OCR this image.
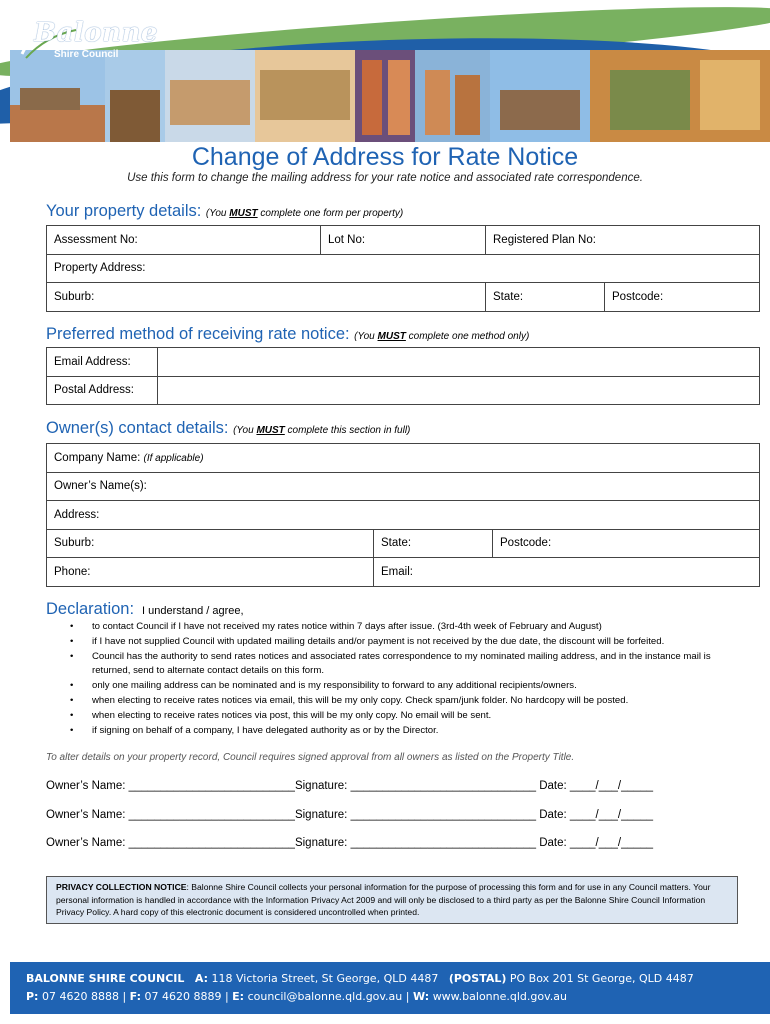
Balonne
Shire Council
Change of Address for Rate Notice
Use this form to change the mailing address for your rate notice and associated rate correspondence.
Your property details: (You MUST complete one form per property)
Assessment No:	Lot No:	Registered Plan No:	
Property Address:			
Suburb:		State:	Postcode:
Preferred method of receiving rate notice: (You MUST complete one method only)
Email Address:	
Postal Address:	
Owner(s) contact details: (You MUST complete this section in full)
Company Name: (If applicable)		
Owner’s Name(s):		
Address:		
Suburb:	State:	Postcode:
Phone:	Email:	
Declaration: I understand / agree,
• to contact Council if I have not received my rates notice within 7 days after issue. (3rd-4th week of February and August)
• if I have not supplied Council with updated mailing details and/or payment is not received by the due date, the discount will be forfeited.
• Council has the authority to send rates notices and associated rates correspondence to my nominated mailing address, and in the instance mail is returned, send to alternate contact details on this form.
• only one mailing address can be nominated and is my responsibility to forward to any additional recipients/owners.
• when electing to receive rates notices via email, this will be my only copy. Check spam/junk folder. No hardcopy will be posted.
• when electing to receive rates notices via post, this will be my only copy. No email will be sent.
• if signing on behalf of a company, I have delegated authority as or by the Director.
To alter details on your property record, Council requires signed approval from all owners as listed on the Property Title.
Owner’s Name: __________________________Signature: _____________________________ Date: ____/___/_____
Owner’s Name: __________________________Signature: _____________________________ Date: ____/___/_____
Owner’s Name: __________________________Signature: _____________________________ Date: ____/___/_____
PRIVACY COLLECTION NOTICE: Balonne Shire Council collects your personal information for the purpose of processing this form and for use in any Council matters. Your personal information is handled in accordance with the Information Privacy Act 2009 and will only be disclosed to a third party as per the Balonne Shire Council Information Privacy Policy. A hard copy of this electronic document is considered uncontrolled when printed.
BALONNE SHIRE COUNCIL A: 118 Victoria Street, St George, QLD 4487 (POSTAL) PO Box 201 St George, QLD 4487
P: 07 4620 8888 | F: 07 4620 8889 | E: council@balonne.qld.gov.au | W: www.balonne.qld.gov.au
